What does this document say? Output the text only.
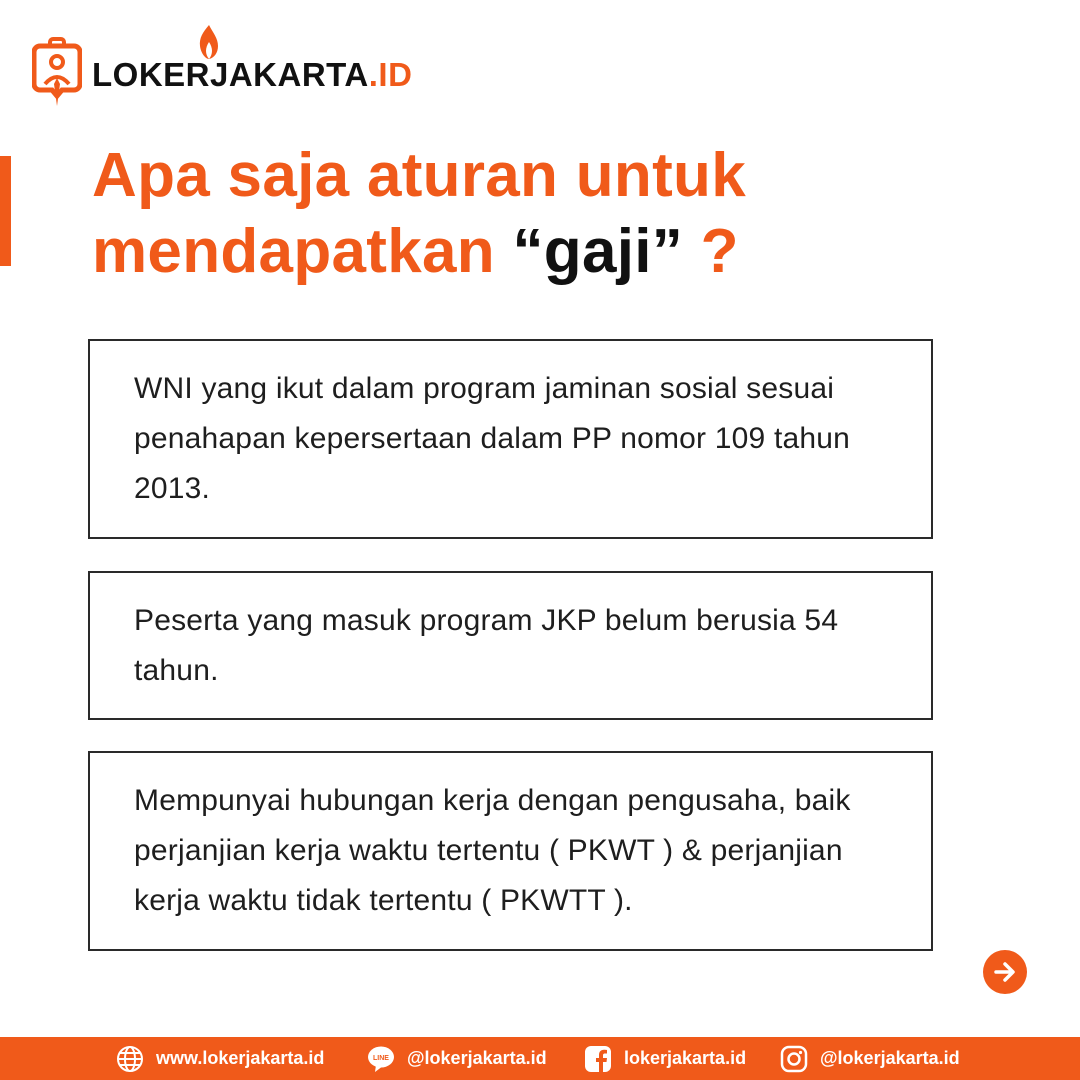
LOKERJAKARTA.ID
Apa saja aturan untuk
mendapatkan “gaji” ?

WNI yang ikut dalam program jaminan sosial sesuai penahapan kepersertaan dalam PP nomor 109 tahun 2013.

Peserta yang masuk program JKP belum berusia 54 tahun.

Mempunyai hubungan kerja dengan pengusaha, baik perjanjian kerja waktu tertentu ( PKWT ) & perjanjian kerja waktu tidak tertentu ( PKWTT ).

www.lokerjakarta.id	LINE @lokerjakarta.id	lokerjakarta.id	@lokerjakarta.id
